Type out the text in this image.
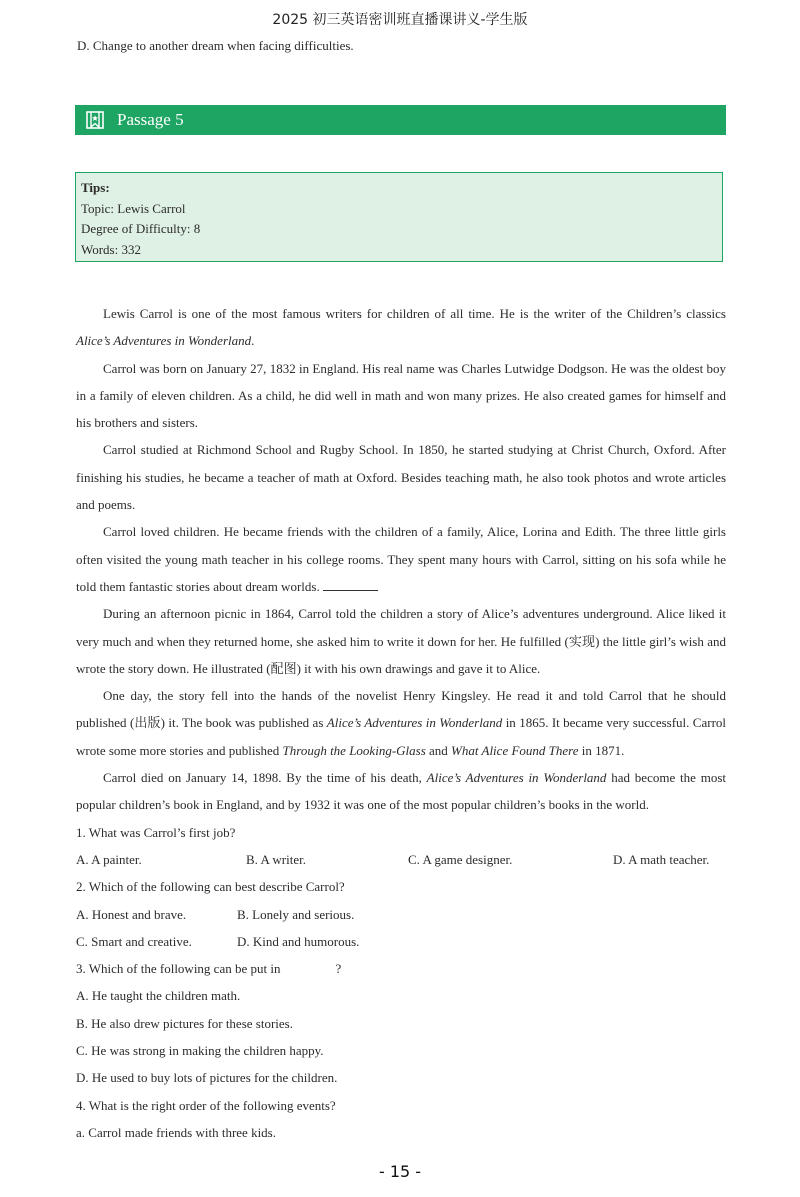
2025 初三英语密训班直播课讲义-学生版
D. Change to another dream when facing difficulties.
Passage 5
Tips:
Topic: Lewis Carrol
Degree of Difficulty: 8
Words: 332

Lewis Carrol is one of the most famous writers for children of all time. He is the writer of the Children’s classics Alice’s Adventures in Wonderland.

Carrol was born on January 27, 1832 in England. His real name was Charles Lutwidge Dodgson. He was the oldest boy in a family of eleven children. As a child, he did well in math and won many prizes. He also created games for himself and his brothers and sisters.

Carrol studied at Richmond School and Rugby School. In 1850, he started studying at Christ Church, Oxford. After finishing his studies, he became a teacher of math at Oxford. Besides teaching math, he also took photos and wrote articles and poems.

Carrol loved children. He became friends with the children of a family, Alice, Lorina and Edith. The three little girls often visited the young math teacher in his college rooms. They spent many hours with Carrol, sitting on his sofa while he told them fantastic stories about dream worlds.

During an afternoon picnic in 1864, Carrol told the children a story of Alice’s adventures underground. Alice liked it very much and when they returned home, she asked him to write it down for her. He fulfilled (实现) the little girl’s wish and wrote the story down. He illustrated (配图) it with his own drawings and gave it to Alice.

One day, the story fell into the hands of the novelist Henry Kingsley. He read it and told Carrol that he should published (出版) it. The book was published as Alice’s Adventures in Wonderland in 1865. It became very successful. Carrol wrote some more stories and published Through the Looking-Glass and What Alice Found There in 1871.

Carrol died on January 14, 1898. By the time of his death, Alice’s Adventures in Wonderland had become the most popular children’s book in England, and by 1932 it was one of the most popular children’s books in the world.

1. What was Carrol’s first job?

A. A painter.	B. A writer.	C. A game designer.	D. A math teacher.

2. Which of the following can best describe Carrol?

A. Honest and brave.	B. Lonely and serious.

C. Smart and creative.	D. Kind and humorous.

3. Which of the following can be put in	?

A. He taught the children math.

B. He also drew pictures for these stories.

C. He was strong in making the children happy.

D. He used to buy lots of pictures for the children.

4. What is the right order of the following events?

a. Carrol made friends with three kids.

- 15 -
